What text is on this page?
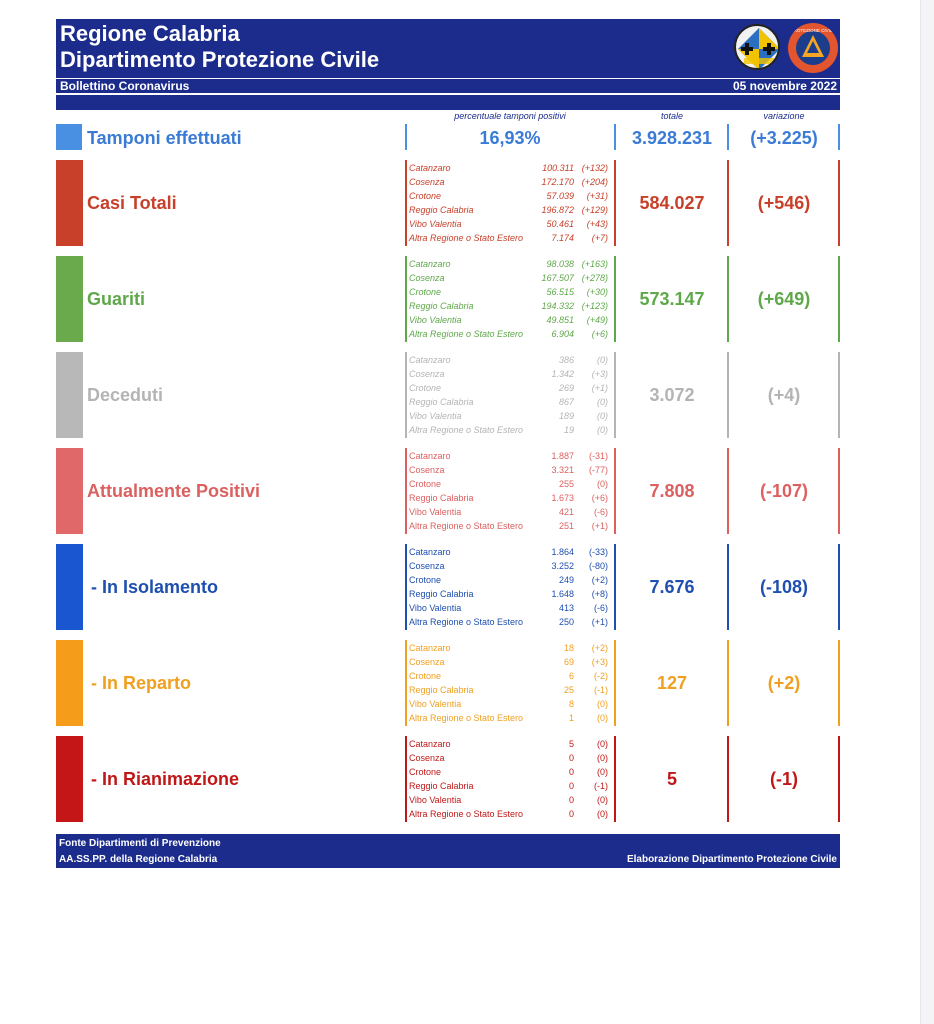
Regione Calabria
Dipartimento Protezione Civile
PROTEZIONE CIVILE
Bollettino Coronavirus	05 novembre 2022
percentuale tamponi positivi	totale	variazione
Tamponi effettuati	16,93%	3.928.231	(+3.225)
Casi Totali
Catanzaro	100.311 (+132)
Cosenza	172.170 (+204)
Crotone	57.039 (+31)
Reggio Calabria	196.872 (+129)
Vibo Valentia	50.461 (+43)
Altra Regione o Stato Estero	7.174 (+7)
584.027	(+546)
Guariti
Catanzaro	98.038 (+163)
Cosenza	167.507 (+278)
Crotone	56.515 (+30)
Reggio Calabria	194.332 (+123)
Vibo Valentia	49.851 (+49)
Altra Regione o Stato Estero	6.904 (+6)
573.147	(+649)
Deceduti
Catanzaro	386	(0)
Cosenza	1.342 (+3)
Crotone	269 (+1)
Reggio Calabria	867	(0)
Vibo Valentia	189	(0)
Altra Regione o Stato Estero	19	(0)
3.072	(+4)
Attualmente Positivi
Catanzaro	1.887 (-31)
Cosenza	3.321 (-77)
Crotone	255	(0)
Reggio Calabria	1.673 (+6)
Vibo Valentia	421 (-6)
Altra Regione o Stato Estero	251 (+1)
7.808	(-107)
- In Isolamento
Catanzaro	1.864 (-33)
Cosenza	3.252 (-80)
Crotone	249 (+2)
Reggio Calabria	1.648 (+8)
Vibo Valentia	413 (-6)
Altra Regione o Stato Estero	250 (+1)
7.676	(-108)
- In Reparto
Catanzaro	18 (+2)
Cosenza	69 (+3)
Crotone	6 (-2)
Reggio Calabria	25 (-1)
Vibo Valentia	8	(0)
Altra Regione o Stato Estero	1	(0)
127	(+2)
- In Rianimazione
Catanzaro	5	(0)
Cosenza	0	(0)
Crotone	0	(0)
Reggio Calabria	0 (-1)
Vibo Valentia	0	(0)
Altra Regione o Stato Estero	0	(0)
5	(-1)
Fonte Dipartimenti di Prevenzione
AA.SS.PP. della Regione Calabria	Elaborazione Dipartimento Protezione Civile
